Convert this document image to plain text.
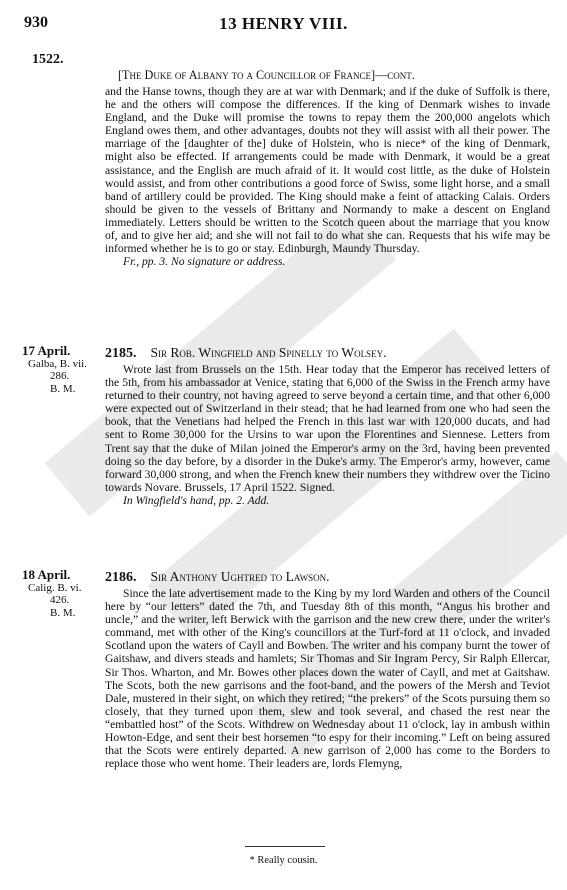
930	13 HENRY VIII.
1522.
[The Duke of Albany to a Councillor of France]—cont.

and the Hanse towns, though they are at war with Denmark; and if the duke of Suffolk is there, he and the others will compose the differences. If the king of Denmark wishes to invade England, and the Duke will promise the towns to repay them the 200,000 angelots which England owes them, and other advantages, doubts not they will assist with all their power. The marriage of the [daughter of the] duke of Holstein, who is niece* of the king of Denmark, might also be effected. If arrangements could be made with Denmark, it would be a great assistance, and the English are much afraid of it. It would cost little, as the duke of Holstein would assist, and from other contributions a good force of Swiss, some light horse, and a small band of artillery could be provided. The King should make a feint of attacking Calais. Orders should be given to the vessels of Brittany and Normandy to make a descent on England immediately. Letters should be written to the Scotch queen about the marriage that you know of, and to give her aid; and she will not fail to do what she can. Requests that his wife may be informed whether he is to go or stay. Edinburgh, Maundy Thursday.

Fr., pp. 3. No signature or address.

17 April.
Galba, B. vii.
286.
B. M.
2185. Sir Rob. Wingfield and Spinelly to Wolsey.

Wrote last from Brussels on the 15th. Hear today that the Emperor has received letters of the 5th, from his ambassador at Venice, stating that 6,000 of the Swiss in the French army have returned to their country, not having agreed to serve beyond a certain time, and that other 6,000 were expected out of Switzerland in their stead; that he had learned from one who had seen the book, that the Venetians had helped the French in this last war with 120,000 ducats, and had sent to Rome 30,000 for the Ursins to war upon the Florentines and Siennese. Letters from Trent say that the duke of Milan joined the Emperor's army on the 3rd, having been prevented doing so the day before, by a disorder in the Duke's army. The Emperor's army, however, came forward 30,000 strong, and when the French knew their numbers they withdrew over the Ticino towards Novare. Brussels, 17 April 1522. Signed.

In Wingfield's hand, pp. 2. Add.

18 April.
Calig. B. vi.
426.
B. M.
2186. Sir Anthony Ughtred to Lawson.

Since the late advertisement made to the King by my lord Warden and others of the Council here by “our letters” dated the 7th, and Tuesday 8th of this month, “Angus his brother and uncle,” and the writer, left Berwick with the garrison and the new crew there, under the writer's command, met with other of the King's councillors at the Turf-ford at 11 o'clock, and invaded Scotland upon the waters of Cayll and Bowben. The writer and his company burnt the tower of Gaitshaw, and divers steads and hamlets; Sir Thomas and Sir Ingram Percy, Sir Ralph Ellercar, Sir Thos. Wharton, and Mr. Bowes other places down the water of Cayll, and met at Gaitshaw. The Scots, both the new garrisons and the foot-band, and the powers of the Mersh and Teviot Dale, mustered in their sight, on which they retired; “the prekers” of the Scots pursuing them so closely, that they turned upon them, slew and took several, and chased the rest near the “embattled host” of the Scots. Withdrew on Wednesday about 11 o'clock, lay in ambush within Howton-Edge, and sent their best horsemen “to espy for their incoming.” Left on being assured that the Scots were entirely departed. A new garrison of 2,000 has come to the Borders to replace those who went home. Their leaders are, lords Flemyng,

* Really cousin.
